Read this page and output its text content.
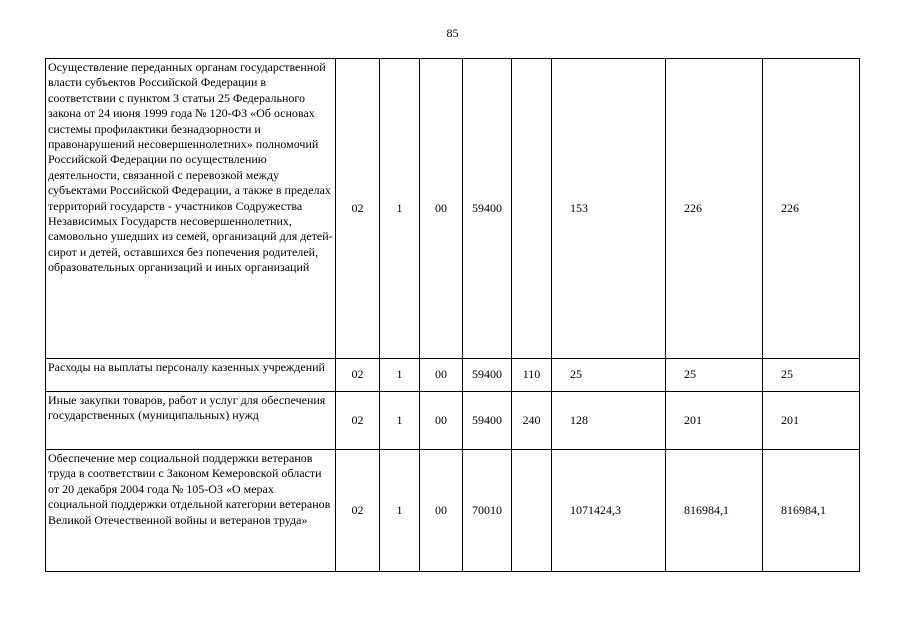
85
Осуществление переданных органам государственной власти субъектов Российской Федерации в соответствии с пунктом 3 статьи 25 Федерального закона от 24 июня 1999 года № 120-ФЗ «Об основах системы профилактики безнадзорности и правонарушений несовершеннолетних» полномочий Российской Федерации по осуществлению деятельности, связанной с перевозкой между субъектами Российской Федерации, а также в пределах территорий государств - участников Содружества Независимых Государств несовершеннолетних, самовольно ушедших из семей, организаций для детей-сирот и детей, оставшихся без попечения родителей, образовательных организаций и иных организаций	02	1	00	59400		153	226	226
Расходы на выплаты персоналу казенных учреждений	02	1	00	59400	110	25	25	25
Иные закупки товаров, работ и услуг для обеспечения государственных (муниципальных) нужд	02	1	00	59400	240	128	201	201
Обеспечение мер социальной поддержки ветеранов труда в соответствии с Законом Кемеровской области от 20 декабря 2004 года № 105-ОЗ «О мерах социальной поддержки отдельной категории ветеранов Великой Отечественной войны и ветеранов труда»	02	1	00	70010		1071424,3	816984,1	816984,1
